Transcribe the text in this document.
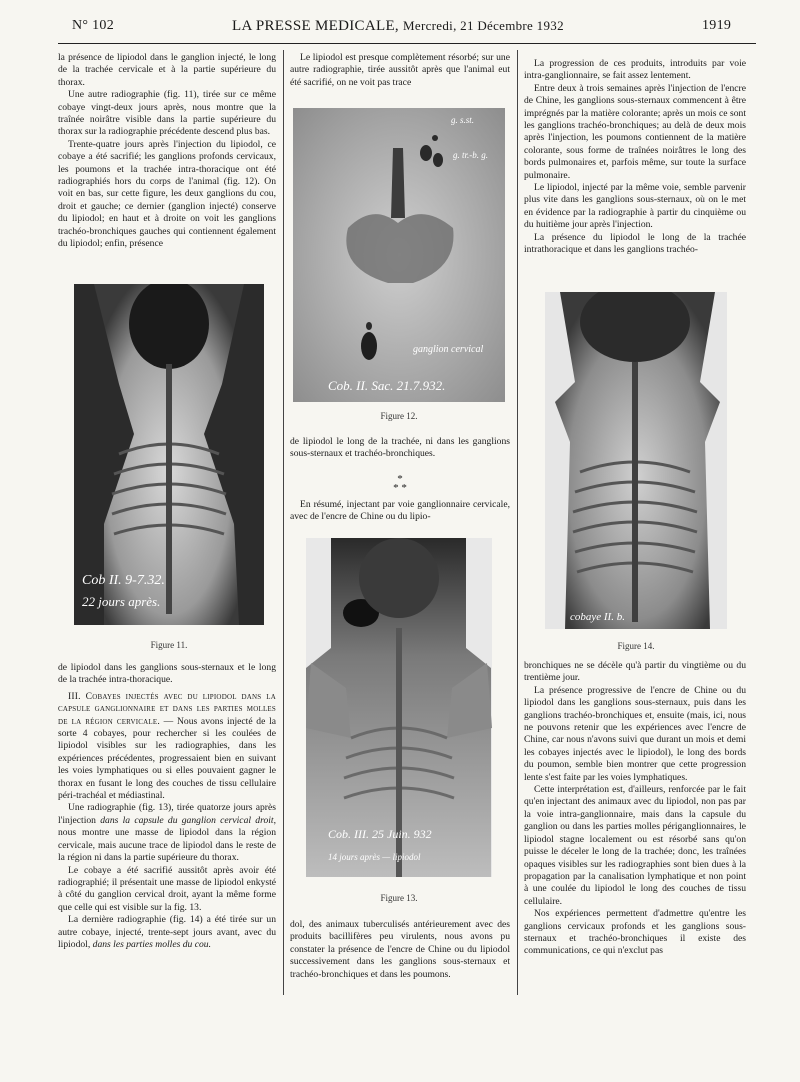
N° 102	LA PRESSE MEDICALE, Mercredi, 21 Décembre 1932	1919

la présence de lipiodol dans le ganglion injecté, le long de la trachée cervicale et à la partie supérieure du thorax.

Une autre radiographie (fig. 11), tirée sur ce même cobaye vingt-deux jours après, nous montre que la traînée noirâtre visible dans la partie supérieure du thorax sur la radiographie précédente descend plus bas.

Trente-quatre jours après l'injection du lipiodol, ce cobaye a été sacrifié; les ganglions profonds cervicaux, les poumons et la trachée intra-thoracique ont été radiographiés hors du corps de l'animal (fig. 12). On voit en bas, sur cette figure, les deux ganglions du cou, droit et gauche; ce dernier (ganglion injecté) conserve du lipiodol; en haut et à droite on voit les ganglions trachéo-bronchiques gauches qui contiennent également du lipiodol; enfin, présence

Cob II. 9-7.32.
22 jours après.
Figure 11.

de lipiodol dans les ganglions sous-sternaux et le long de la trachée intra-thoracique.

III. Cobayes injectés avec du lipiodol dans la capsule ganglionnaire et dans les parties molles de la région cervicale. — Nous avons injecté de la sorte 4 cobayes, pour rechercher si les coulées de lipiodol visibles sur les radiographies, dans les expériences précédentes, progressaient bien en suivant les voies lymphatiques ou si elles pouvaient gagner le thorax en fusant le long des couches de tissu cellulaire péri-trachéal et médiastinal.

Une radiographie (fig. 13), tirée quatorze jours après l'injection dans la capsule du ganglion cervical droit, nous montre une masse de lipiodol dans la région cervicale, mais aucune trace de lipiodol dans le reste de la région ni dans la partie supérieure du thorax.

Le cobaye a été sacrifié aussitôt après avoir été radiographié; il présentait une masse de lipiodol enkysté à côté du ganglion cervical droit, ayant la même forme que celle qui est visible sur la fig. 13.

La dernière radiographie (fig. 14) a été tirée sur un autre cobaye, injecté, trente-sept jours avant, avec du lipiodol, dans les parties molles du cou.

Le lipiodol est presque complètement résorbé; sur une autre radiographie, tirée aussitôt après que l'animal eut été sacrifié, on ne voit pas trace

g. s.st.
g. tr.-b. g.
ganglion cervical
Cob. II. Sac. 21.7.932.
Figure 12.

de lipiodol le long de la trachée, ni dans les ganglions sous-sternaux et trachéo-bronchiques.

*
* *

En résumé, injectant par voie ganglionnaire cervicale, avec de l'encre de Chine ou du lipio-

Cob. III. 25 Juin. 932
14 jours après — lipiodol
Figure 13.

dol, des animaux tuberculisés antérieurement avec des produits bacillifères peu virulents, nous avons pu constater la présence de l'encre de Chine ou du lipiodol successivement dans les ganglions sous-sternaux et trachéo-bronchiques et dans les poumons.

La progression de ces produits, introduits par voie intra-ganglionnaire, se fait assez lentement.

Entre deux à trois semaines après l'injection de l'encre de Chine, les ganglions sous-sternaux commencent à être imprégnés par la matière colorante; après un mois ce sont les ganglions trachéo-bronchiques; au delà de deux mois après l'injection, les poumons contiennent de la matière colorante, sous forme de traînées noirâtres le long des bords pulmonaires et, parfois même, sur toute la surface pulmonaire.

Le lipiodol, injecté par la même voie, semble parvenir plus vite dans les ganglions sous-sternaux, où on le met en évidence par la radiographie à partir du cinquième ou du huitième jour après l'injection.

La présence du lipiodol le long de la trachée intrathoracique et dans les ganglions trachéo-

cobaye II. b.
Figure 14.

bronchiques ne se décèle qu'à partir du vingtième ou du trentième jour.

La présence progressive de l'encre de Chine ou du lipiodol dans les ganglions sous-sternaux, puis dans les ganglions trachéo-bronchiques et, ensuite (mais, ici, nous ne pouvons retenir que les expériences avec l'encre de Chine, car nous n'avons suivi que durant un mois et demi les cobayes injectés avec le lipiodol), le long des bords du poumon, semble bien montrer que cette progression lente s'est faite par les voies lymphatiques.

Cette interprétation est, d'ailleurs, renforcée par le fait qu'en injectant des animaux avec du lipiodol, non pas par la voie intra-ganglionnaire, mais dans la capsule du ganglion ou dans les parties molles périganglionnaires, le lipiodol stagne localement ou est résorbé sans qu'on puisse le déceler le long de la trachée; donc, les traînées opaques visibles sur les radiographies sont bien dues à la propagation par la canalisation lymphatique et non point à une coulée du lipiodol le long des couches de tissu cellulaire.

Nos expériences permettent d'admettre qu'entre les ganglions cervicaux profonds et les ganglions sous-sternaux et trachéo-bronchiques il existe des communications, ce qui n'exclut pas
